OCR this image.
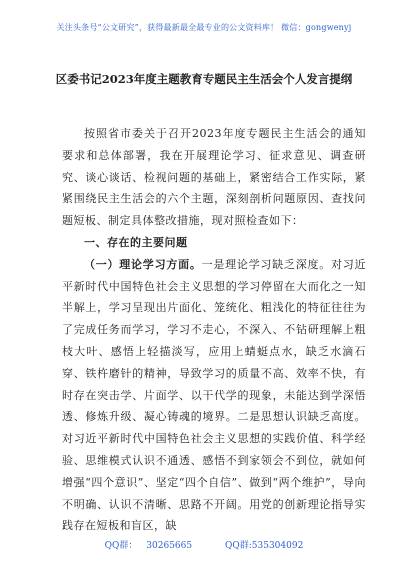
关注头条号“公文研究”，获得最新最全最专业的公文资料库！ 微信：gongwenyj
区委书记2023年度主题教育专题民主生活会个人发言提纲

按照省市委关于召开2023年度专题民主生活会的通知要求和总体部署，我在开展理论学习、征求意见、调查研究、谈心谈话、检视问题的基础上，紧密结合工作实际，紧紧围绕民主生活会的六个主题，深刻剖析问题原因、查找问题短板、制定具体整改措施，现对照检查如下：

一、存在的主要问题

（一）理论学习方面。一是理论学习缺乏深度。对习近平新时代中国特色社会主义思想的学习停留在大而化之一知半解上，学习呈现出片面化、笼统化、粗浅化的特征往往为了完成任务而学习，学习不走心，不深入、不钻研理解上粗枝大叶、感悟上轻描淡写，应用上蜻蜓点水，缺乏水滴石穿、铁杵磨针的精神，导致学习的质量不高、效率不快，有时存在突击学、片面学、以干代学的现象，未能达到学深悟透、修炼升级、凝心铸魂的境界。二是思想认识缺乏高度。对习近平新时代中国特色社会主义思想的实践价值、科学经验、思维模式认识不通透、感悟不到家领会不到位，就如何增强“四个意识”、坚定“四个自信”、做到“两个维护”，导向不明确、认识不清晰、思路不开阔。用党的创新理论指导实践存在短板和盲区，缺

QQ群： 30265665	QQ群:535304092
